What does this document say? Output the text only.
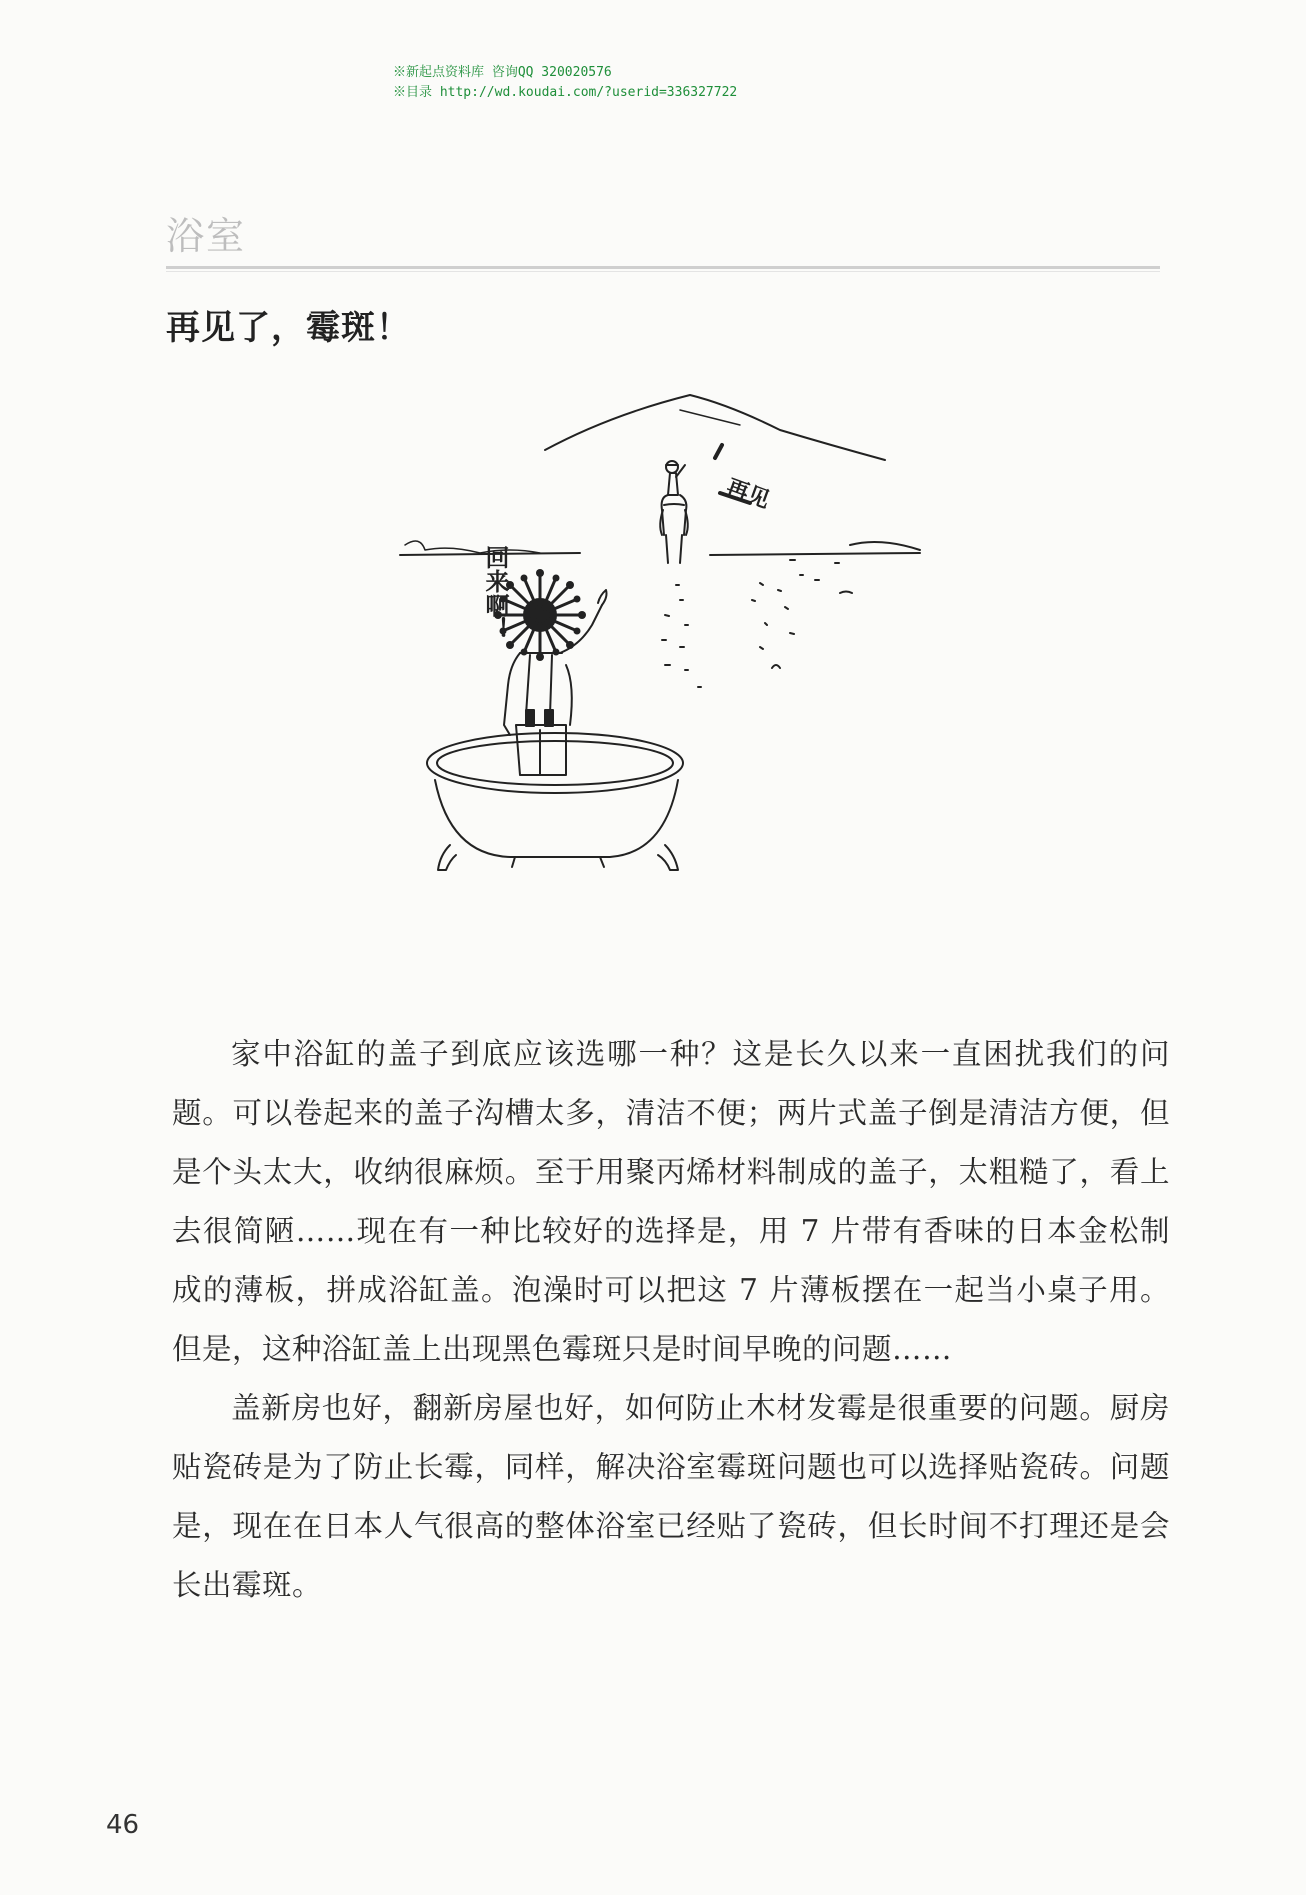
※新起点资料库 咨询QQ 320020576
※目录 http://wd.koudai.com/?userid=336327722
浴室
再见了，霉斑！
再见
回来啊！

家中浴缸的盖子到底应该选哪一种？这是长久以来一直困扰我们的问题。可以卷起来的盖子沟槽太多，清洁不便；两片式盖子倒是清洁方便，但是个头太大，收纳很麻烦。至于用聚丙烯材料制成的盖子，太粗糙了，看上去很简陋……现在有一种比较好的选择是，用 7 片带有香味的日本金松制成的薄板，拼成浴缸盖。泡澡时可以把这 7 片薄板摆在一起当小桌子用。但是，这种浴缸盖上出现黑色霉斑只是时间早晚的问题……

盖新房也好，翻新房屋也好，如何防止木材发霉是很重要的问题。厨房贴瓷砖是为了防止长霉，同样，解决浴室霉斑问题也可以选择贴瓷砖。问题是，现在在日本人气很高的整体浴室已经贴了瓷砖，但长时间不打理还是会长出霉斑。

46
